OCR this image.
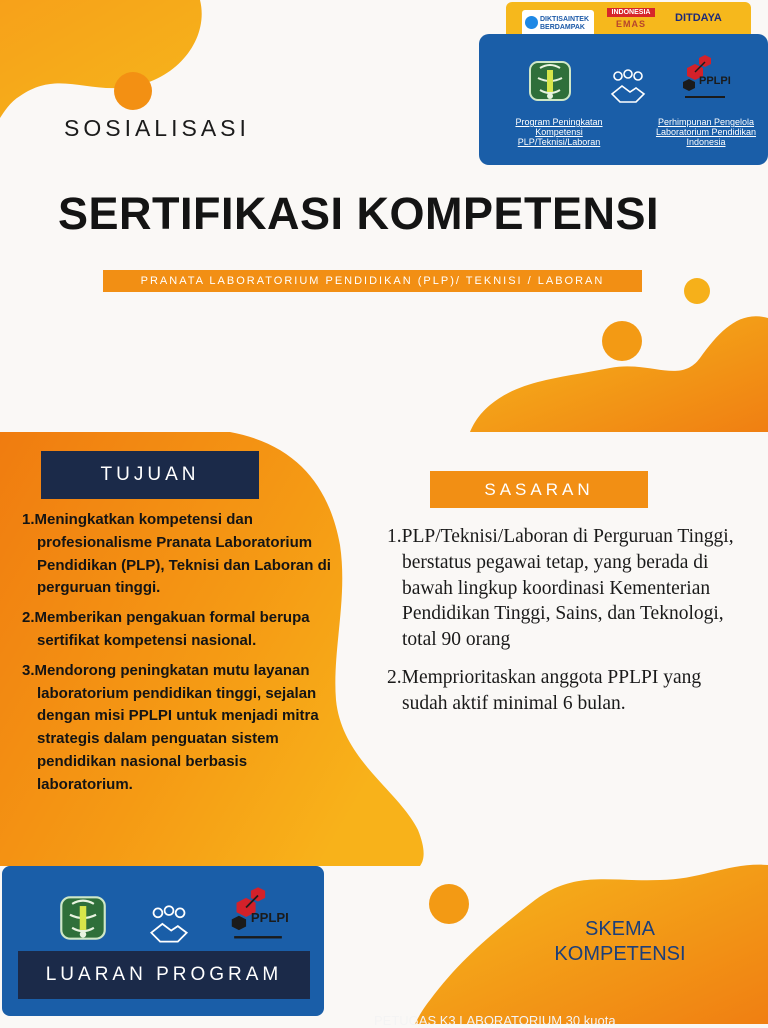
DIKTISAINTEK
BERDAMPAK
INDONESIA
EMAS	DITDAYA
PPLPI
Program Peningkatan Kompetensi PLP/Teknisi/Laboran
Perhimpunan Pengelola Laboratorium Pendidikan Indonesia
SOSIALISASI
SERTIFIKASI KOMPETENSI
PRANATA LABORATORIUM PENDIDIKAN (PLP)/ TEKNISI / LABORAN
TUJUAN
1.Meningkatkan kompetensi dan profesionalisme Pranata Laboratorium Pendidikan (PLP), Teknisi dan Laboran di perguruan tinggi.
2.Memberikan pengakuan formal berupa sertifikat kompetensi nasional.
3.Mendorong peningkatan mutu layanan laboratorium pendidikan tinggi, sejalan dengan misi PPLPI untuk menjadi mitra strategis dalam penguatan sistem pendidikan nasional berbasis laboratorium.
SASARAN
1.PLP/Teknisi/Laboran di Perguruan Tinggi, berstatus pegawai tetap, yang berada di bawah lingkup koordinasi Kementerian Pendidikan Tinggi, Sains, dan Teknologi, total 90 orang
2.Memprioritaskan anggota PPLPI yang sudah aktif minimal 6 bulan.
PPLPI
LUARAN PROGRAM
SKEMA
KOMPETENSI
PETUGAS K3 LABORATORIUM 30 kuota
